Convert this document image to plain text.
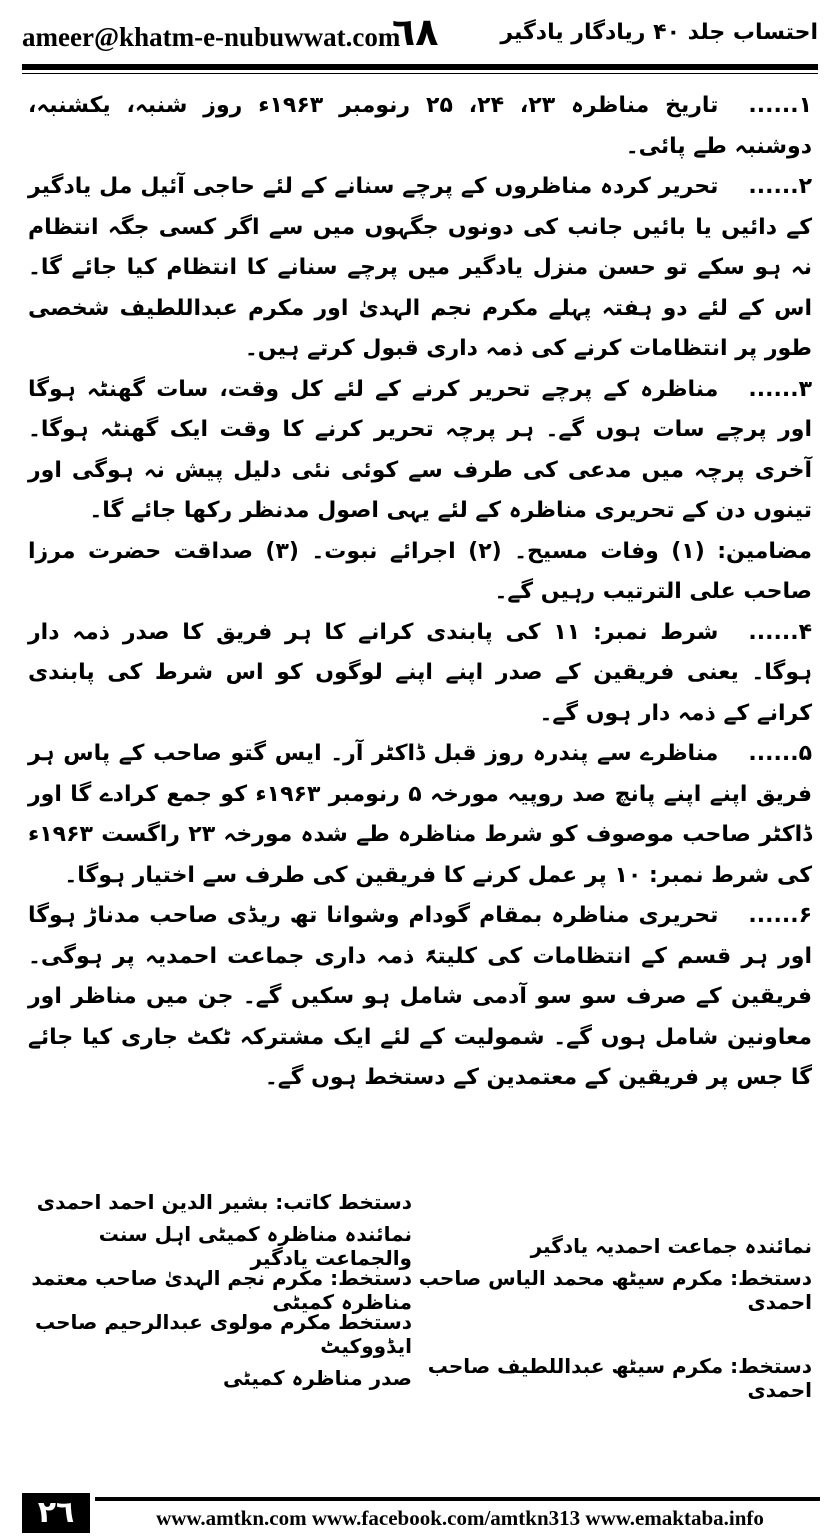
ameer@khatm-e-nubuwwat.com
٦٨	احتساب جلد ۴۰ ریادگار یادگیر

۱......تاریخ مناظرہ ۲۳، ۲۴، ۲۵ رنومبر ۱۹۶۳ء روز شنبہ، یکشنبہ، دوشنبہ طے پائی۔

۲......تحریر کردہ مناظروں کے پرچے سنانے کے لئے حاجی آئیل مل یادگیر کے دائیں یا بائیں جانب کی دونوں جگہوں میں سے اگر کسی جگہ انتظام نہ ہو سکے تو حسن منزل یادگیر میں پرچے سنانے کا انتظام کیا جائے گا۔ اس کے لئے دو ہفتہ پہلے مکرم نجم الہدیٰ اور مکرم عبداللطیف شخصی طور پر انتظامات کرنے کی ذمہ داری قبول کرتے ہیں۔

۳......مناظرہ کے پرچے تحریر کرنے کے لئے کل وقت، سات گھنٹہ ہوگا اور پرچے سات ہوں گے۔ ہر پرچہ تحریر کرنے کا وقت ایک گھنٹہ ہوگا۔ آخری پرچہ میں مدعی کی طرف سے کوئی نئی دلیل پیش نہ ہوگی اور تینوں دن کے تحریری مناظرہ کے لئے یہی اصول مدنظر رکھا جائے گا۔

مضامین: (۱) وفات مسیح۔ (۲) اجرائے نبوت۔ (۳) صداقت حضرت مرزا صاحب علی الترتیب رہیں گے۔

۴......شرط نمبر: ۱۱ کی پابندی کرانے کا ہر فریق کا صدر ذمہ دار ہوگا۔ یعنی فریقین کے صدر اپنے اپنے لوگوں کو اس شرط کی پابندی کرانے کے ذمہ دار ہوں گے۔

۵......مناظرے سے پندرہ روز قبل ڈاکٹر آر۔ ایس گتو صاحب کے پاس ہر فریق اپنے اپنے پانچ صد روپیہ مورخہ ۵ رنومبر ۱۹۶۳ء کو جمع کرادے گا اور ڈاکٹر صاحب موصوف کو شرط مناظرہ طے شدہ مورخہ ۲۳ راگست ۱۹۶۳ء کی شرط نمبر: ۱۰ پر عمل کرنے کا فریقین کی طرف سے اختیار ہوگا۔

۶......تحریری مناظرہ بمقام گودام وشوانا تھ ریڈی صاحب مدناڑ ہوگا اور ہر قسم کے انتظامات کی کلیتہً ذمہ داری جماعت احمدیہ پر ہوگی۔ فریقین کے صرف سو سو آدمی شامل ہو سکیں گے۔ جن میں مناظر اور معاونین شامل ہوں گے۔ شمولیت کے لئے ایک مشترکہ ٹکٹ جاری کیا جائے گا جس پر فریقین کے معتمدین کے دستخط ہوں گے۔

دستخط کاتب: بشیر الدین احمد احمدی
نمائندہ جماعت احمدیہ یادگیر
نمائندہ مناظرہ کمیٹی اہل سنت والجماعت یادگیر
دستخط: مکرم سیٹھ محمد الیاس صاحب احمدی
دستخط: مکرم نجم الہدیٰ صاحب معتمد مناظرہ کمیٹی
دستخط مکرم مولوی عبدالرحیم صاحب ایڈووکیٹ
دستخط: مکرم سیٹھ عبداللطیف صاحب احمدی
صدر مناظرہ کمیٹی
۲٦	www.amtkn.com www.facebook.com/amtkn313 www.emaktaba.info
